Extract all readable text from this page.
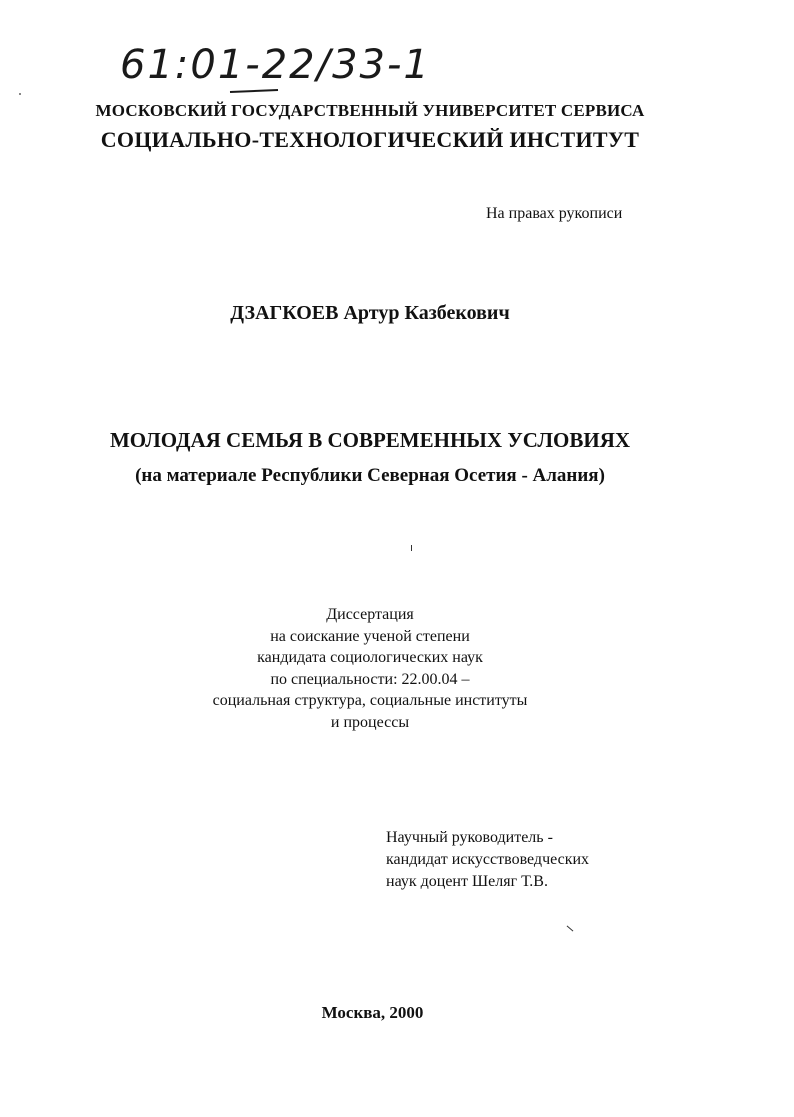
61:01-22/33-1
МОСКОВСКИЙ ГОСУДАРСТВЕННЫЙ УНИВЕРСИТЕТ СЕРВИСА
СОЦИАЛЬНО-ТЕХНОЛОГИЧЕСКИЙ ИНСТИТУТ
На правах рукописи
ДЗАГКОЕВ Артур Казбекович
МОЛОДАЯ СЕМЬЯ В СОВРЕМЕННЫХ УСЛОВИЯХ
(на материале Республики Северная Осетия - Алания)
Диссертация
на соискание ученой степени
кандидата социологических наук
по специальности: 22.00.04 –
социальная структура, социальные институты
и процессы
Научный руководитель -
кандидат искусствоведческих
наук доцент Шеляг Т.В.
Москва, 2000
